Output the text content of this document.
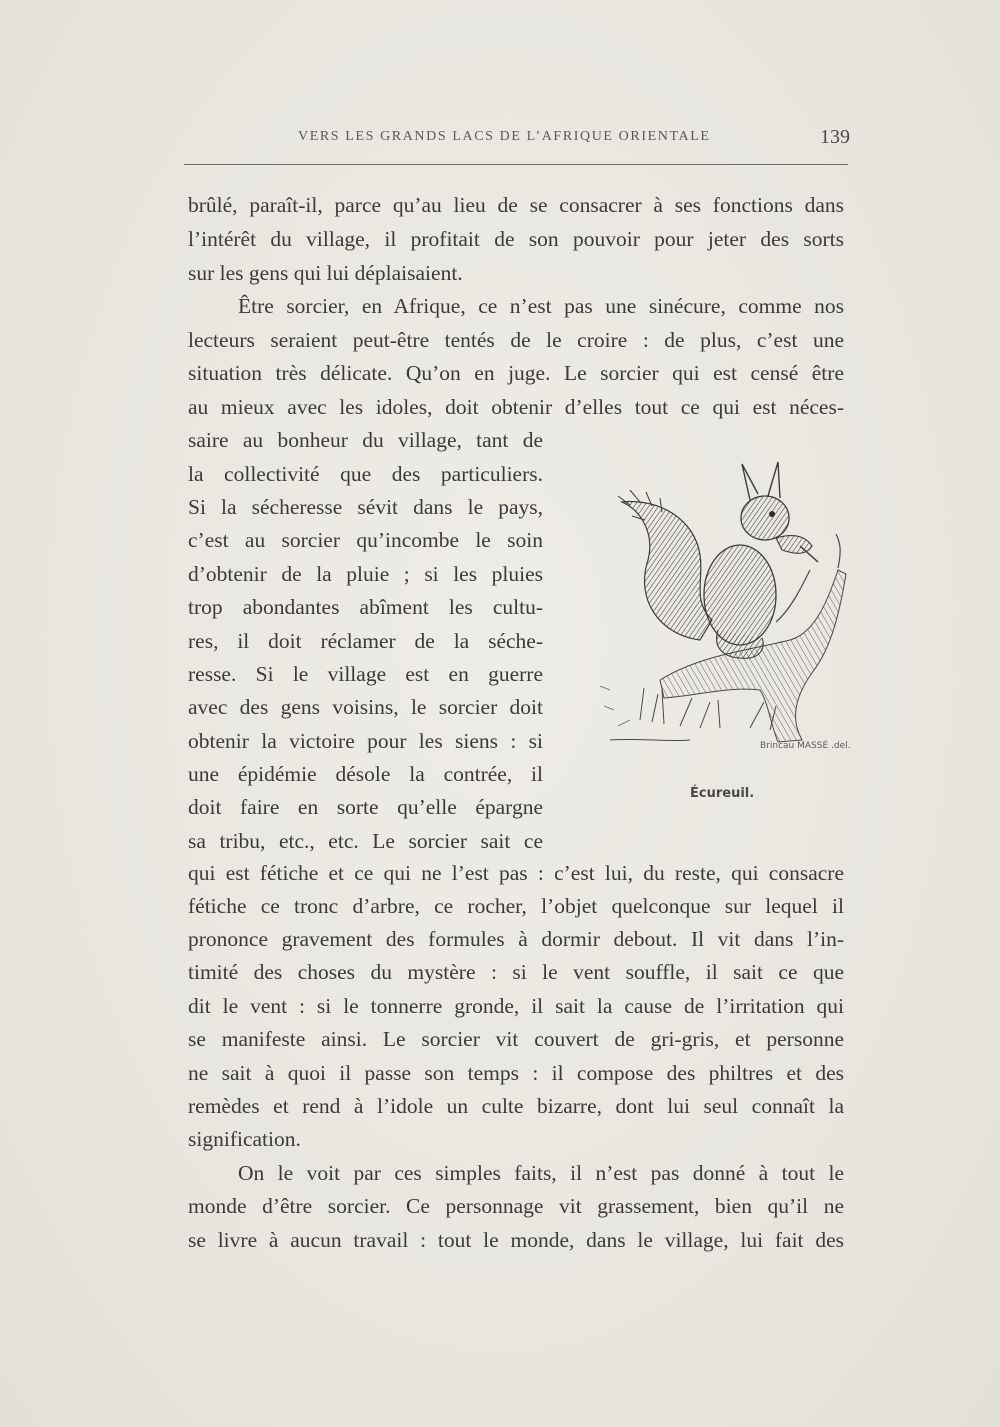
VERS LES GRANDS LACS DE L’AFRIQUE ORIENTALE	139
brûlé, paraît-il, parce qu’au lieu de se consacrer à ses fonctions dans
l’intérêt du village, il profitait de son pouvoir pour jeter des sorts
sur les gens qui lui déplaisaient.
Être sorcier, en Afrique, ce n’est pas une sinécure, comme nos
lecteurs seraient peut-être tentés de le croire : de plus, c’est une
situation très délicate. Qu’on en juge. Le sorcier qui est censé être
au mieux avec les idoles, doit obtenir d’elles tout ce qui est néces-
saire au bonheur du village, tant de
la collectivité que des particuliers.
Si la sécheresse sévit dans le pays,
c’est au sorcier qu’incombe le soin
d’obtenir de la pluie ; si les pluies
trop abondantes abîment les cultu-
res, il doit réclamer de la séche-
resse. Si le village est en guerre
avec des gens voisins, le sorcier doit
obtenir la victoire pour les siens : si
une épidémie désole la contrée, il
doit faire en sorte qu’elle épargne
sa tribu, etc., etc. Le sorcier sait ce
qui est fétiche et ce qui ne l’est pas : c’est lui, du reste, qui consacre
fétiche ce tronc d’arbre, ce rocher, l’objet quelconque sur lequel il
prononce gravement des formules à dormir debout. Il vit dans l’in-
timité des choses du mystère : si le vent souffle, il sait ce que
dit le vent : si le tonnerre gronde, il sait la cause de l’irritation qui
se manifeste ainsi. Le sorcier vit couvert de gri-gris, et personne
ne sait à quoi il passe son temps : il compose des philtres et des
remèdes et rend à l’idole un culte bizarre, dont lui seul connaît la
signification.
On le voit par ces simples faits, il n’est pas donné à tout le
monde d’être sorcier. Ce personnage vit grassement, bien qu’il ne
se livre à aucun travail : tout le monde, dans le village, lui fait des
Brincau MASSÉ .del.
Écureuil.
